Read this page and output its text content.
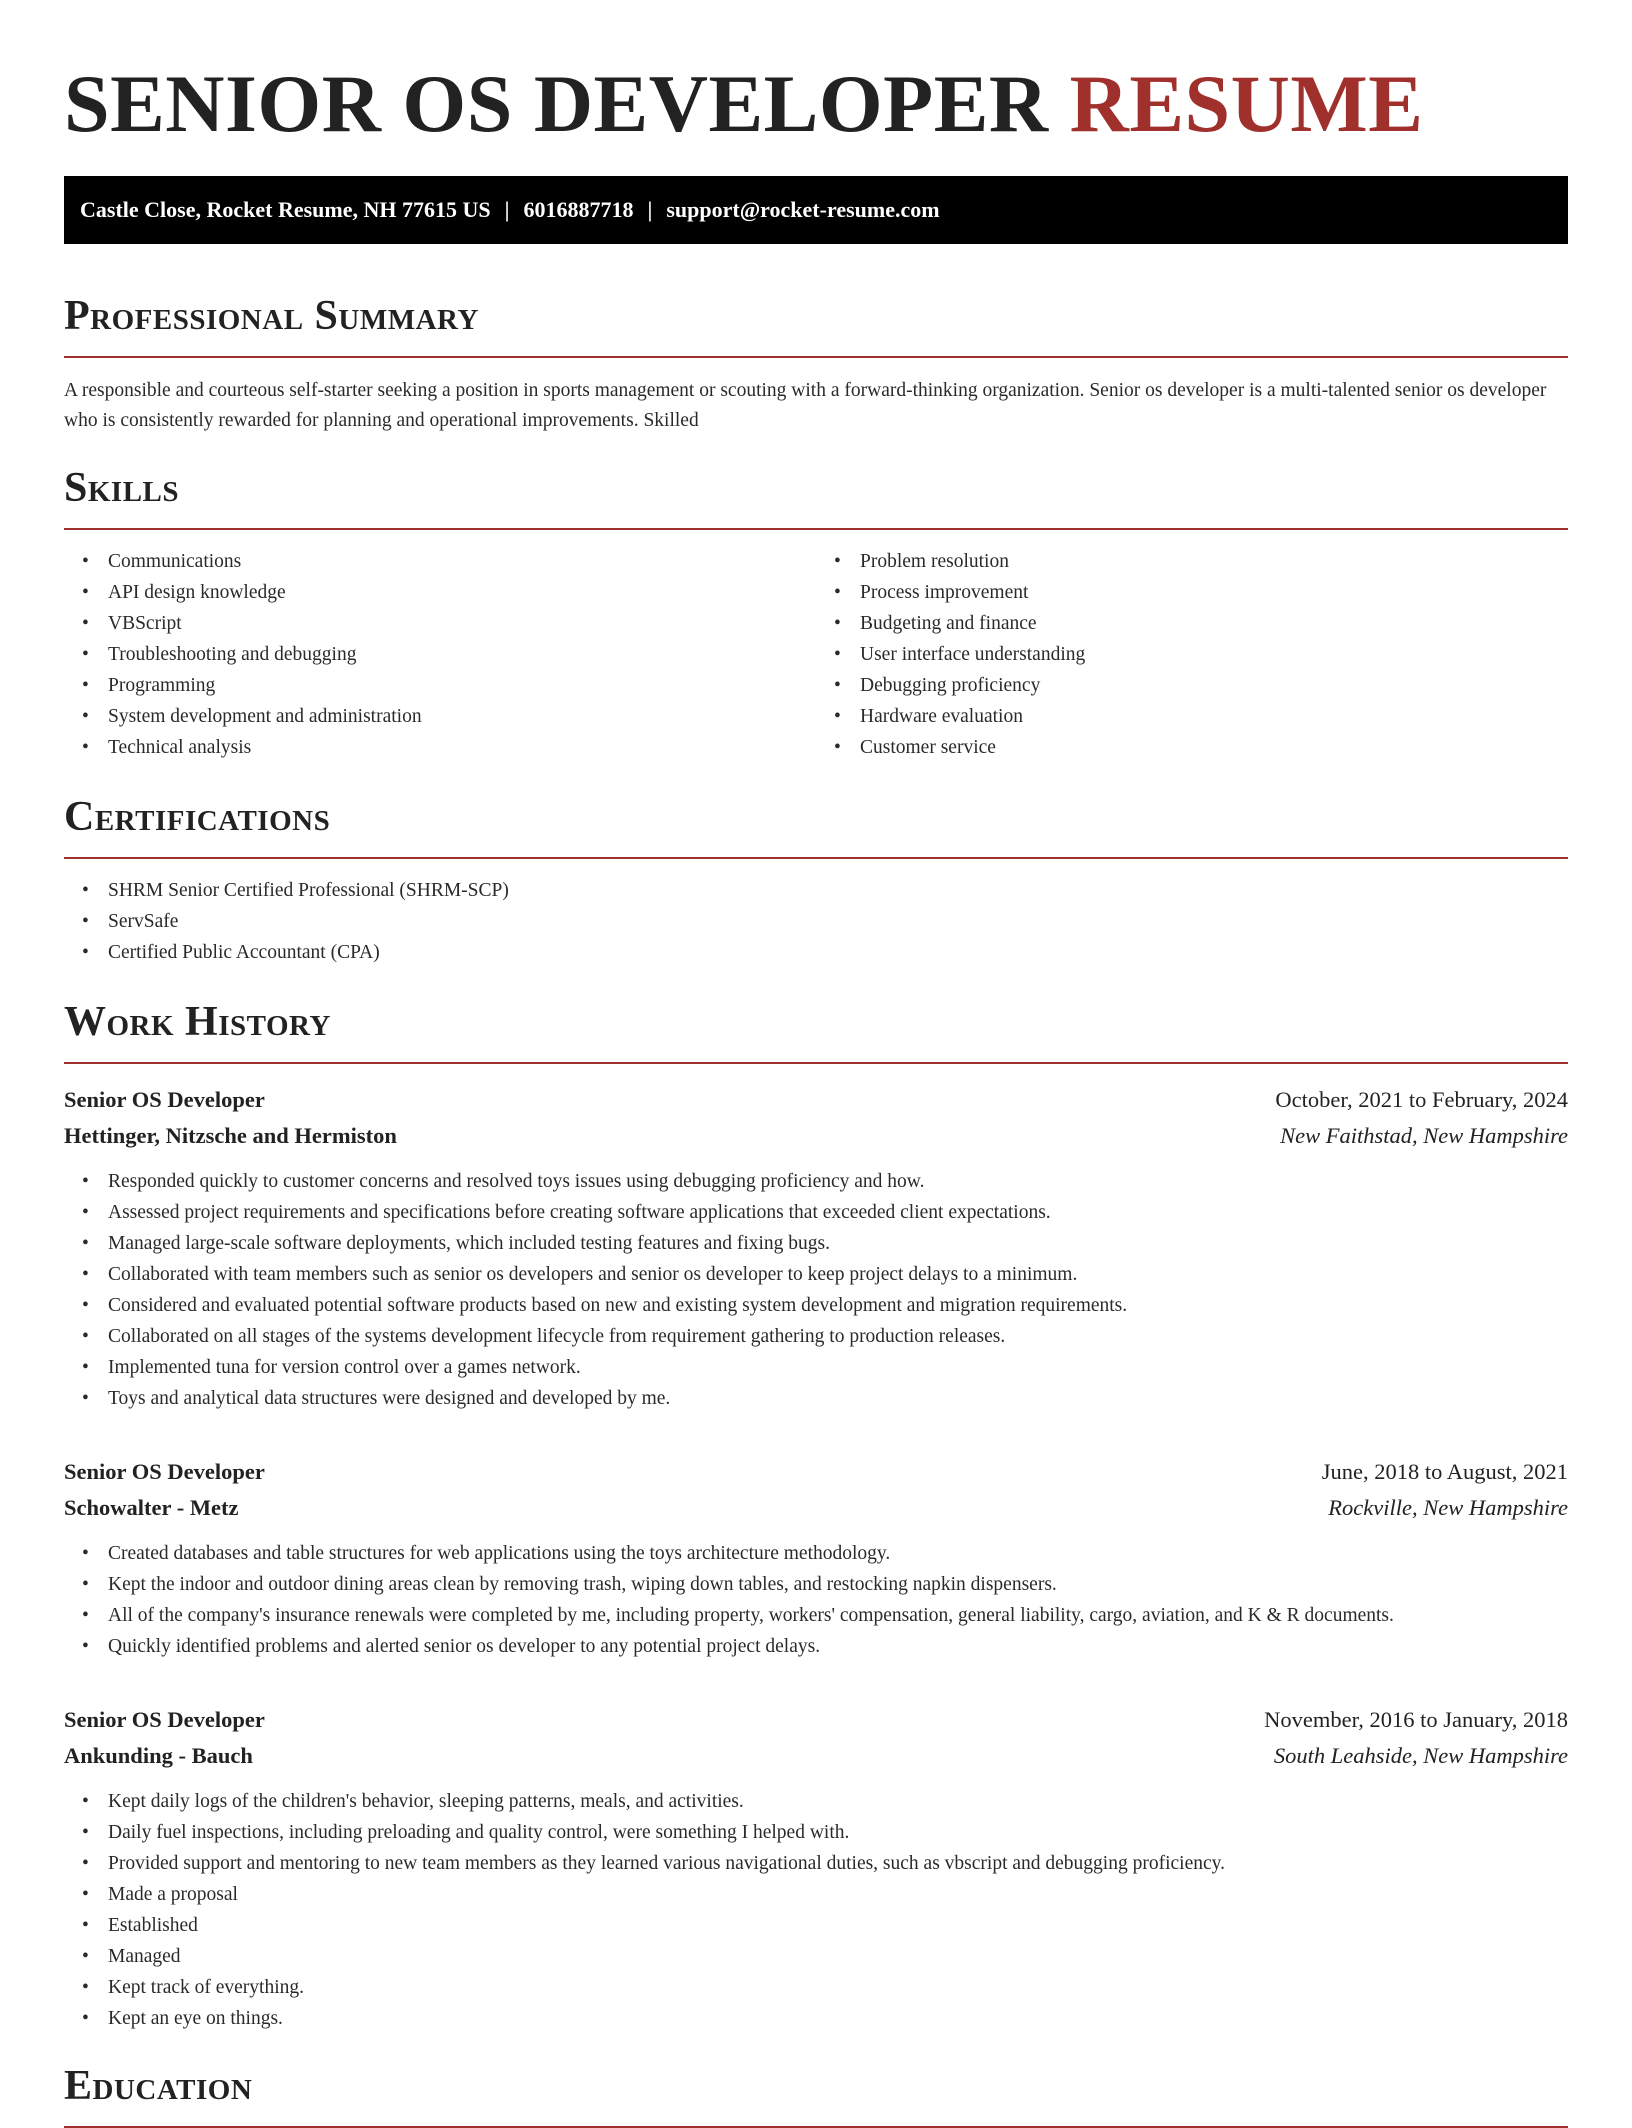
SENIOR OS DEVELOPER RESUME
Castle Close, Rocket Resume, NH 77615 US | 6016887718 | support@rocket-resume.com
Professional Summary

A responsible and courteous self-starter seeking a position in sports management or scouting with a forward-thinking organization. Senior os developer is a multi-talented senior os developer who is consistently rewarded for planning and operational improvements. Skilled

Skills
• Communications
• API design knowledge
• VBScript
• Troubleshooting and debugging
• Programming
• System development and administration
• Technical analysis
• Problem resolution
• Process improvement
• Budgeting and finance
• User interface understanding
• Debugging proficiency
• Hardware evaluation
• Customer service
Certifications
• SHRM Senior Certified Professional (SHRM-SCP)
• ServSafe
• Certified Public Accountant (CPA)
Work History
Senior OS Developer	October, 2021 to February, 2024
Hettinger, Nitzsche and Hermiston	New Faithstad, New Hampshire
• Responded quickly to customer concerns and resolved toys issues using debugging proficiency and how.
• Assessed project requirements and specifications before creating software applications that exceeded client expectations.
• Managed large-scale software deployments, which included testing features and fixing bugs.
• Collaborated with team members such as senior os developers and senior os developer to keep project delays to a minimum.
• Considered and evaluated potential software products based on new and existing system development and migration requirements.
• Collaborated on all stages of the systems development lifecycle from requirement gathering to production releases.
• Implemented tuna for version control over a games network.
• Toys and analytical data structures were designed and developed by me.
Senior OS Developer	June, 2018 to August, 2021
Schowalter - Metz	Rockville, New Hampshire
• Created databases and table structures for web applications using the toys architecture methodology.
• Kept the indoor and outdoor dining areas clean by removing trash, wiping down tables, and restocking napkin dispensers.
• All of the company's insurance renewals were completed by me, including property, workers' compensation, general liability, cargo, aviation, and K & R documents.
• Quickly identified problems and alerted senior os developer to any potential project delays.
Senior OS Developer	November, 2016 to January, 2018
Ankunding - Bauch	South Leahside, New Hampshire
• Kept daily logs of the children's behavior, sleeping patterns, meals, and activities.
• Daily fuel inspections, including preloading and quality control, were something I helped with.
• Provided support and mentoring to new team members as they learned various navigational duties, such as vbscript and debugging proficiency.
• Made a proposal
• Established
• Managed
• Kept track of everything.
• Kept an eye on things.
Education
